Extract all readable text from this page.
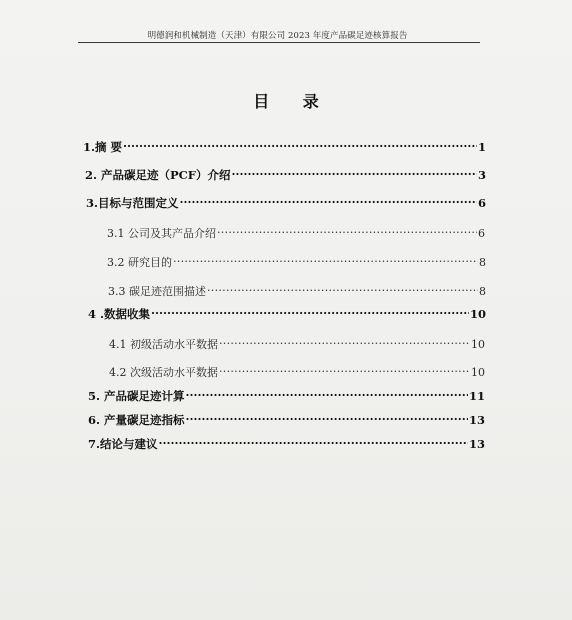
明德润和机械制造（天津）有限公司 2023 年度产品碳足迹核算报告
目 录
1.摘 要 .....	1
2. 产品碳足迹（PCF）介绍 .....	3
3.目标与范围定义 .....	6
3.1 公司及其产品介绍 .....	6
3.2 研究目的 .....	8
3.3 碳足迹范围描述 .....	8
4 .数据收集 .....	10
4.1 初级活动水平数据 .....	10
4.2 次级活动水平数据 .....	10
5. 产品碳足迹计算 .....	11
6. 产量碳足迹指标 .....	13
7.结论与建议 .....	13
